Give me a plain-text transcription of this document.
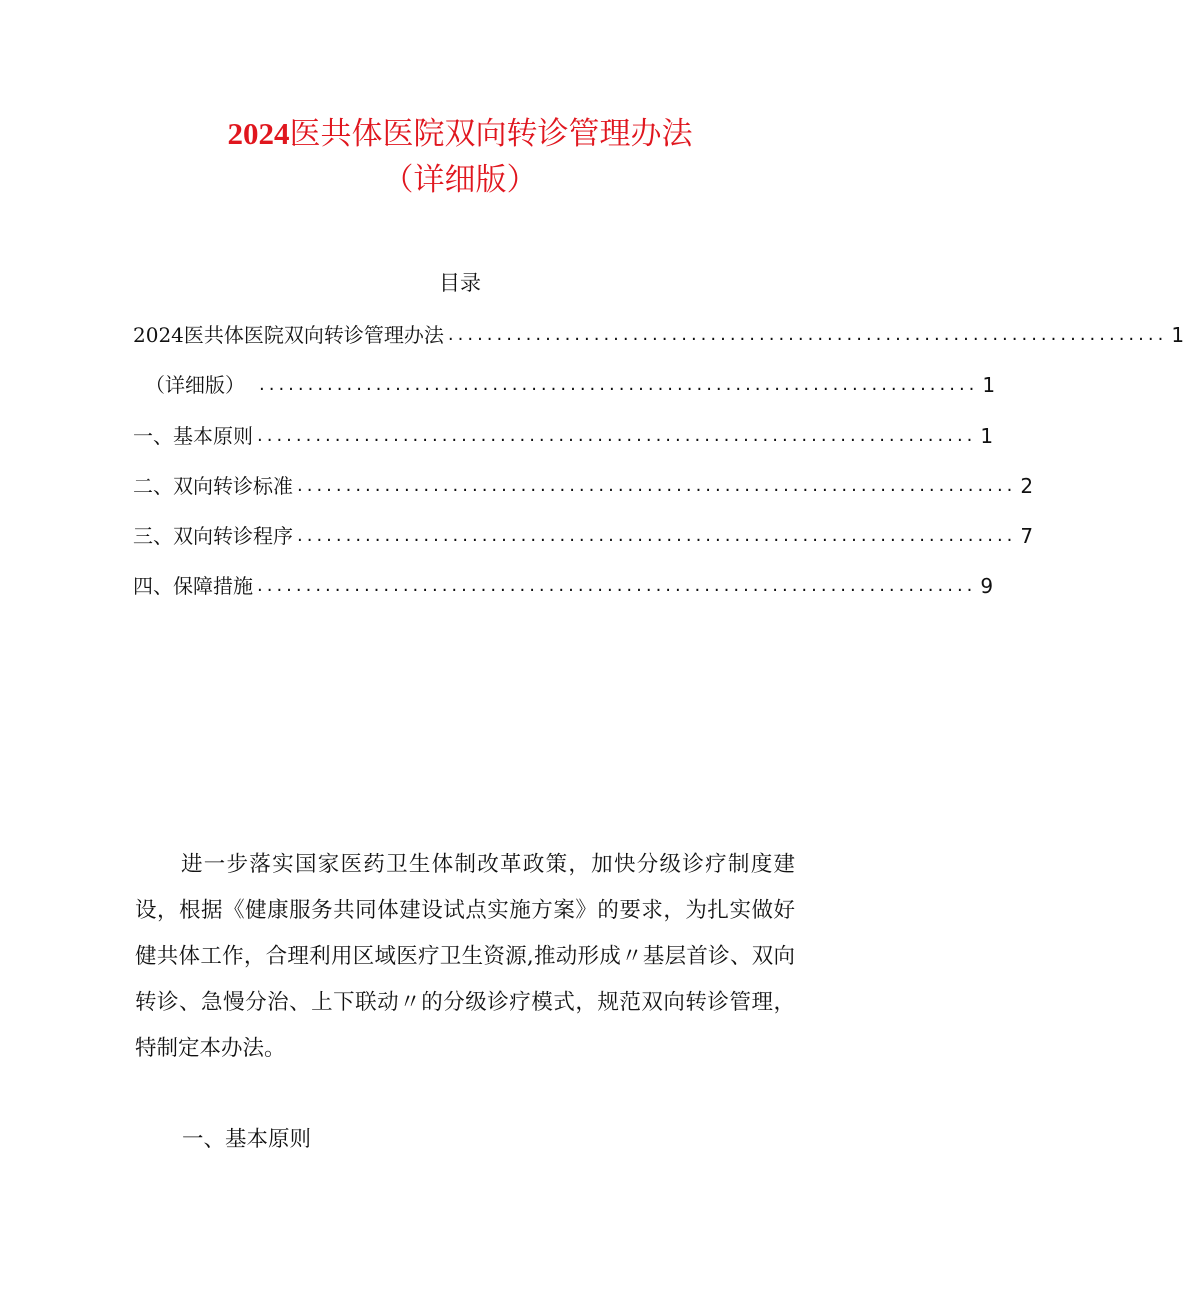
2024医共体医院双向转诊管理办法
（详细版）
目录
2024医共体医院双向转诊管理办法 .......................................................................... 1
（详细版） .......................................................................... 1
一、基本原则 .......................................................................... 1
二、双向转诊标准 .......................................................................... 2
三、双向转诊程序 .......................................................................... 7
四、保障措施 .......................................................................... 9

进一步落实国家医药卫生体制改革政策，加快分级诊疗制度建设，根据《健康服务共同体建设试点实施方案》的要求，为扎实做好健共体工作，合理利用区域医疗卫生资源,推动形成〃基层首诊、双向转诊、急慢分治、上下联动〃的分级诊疗模式，规范双向转诊管理，特制定本办法。

一、基本原则
